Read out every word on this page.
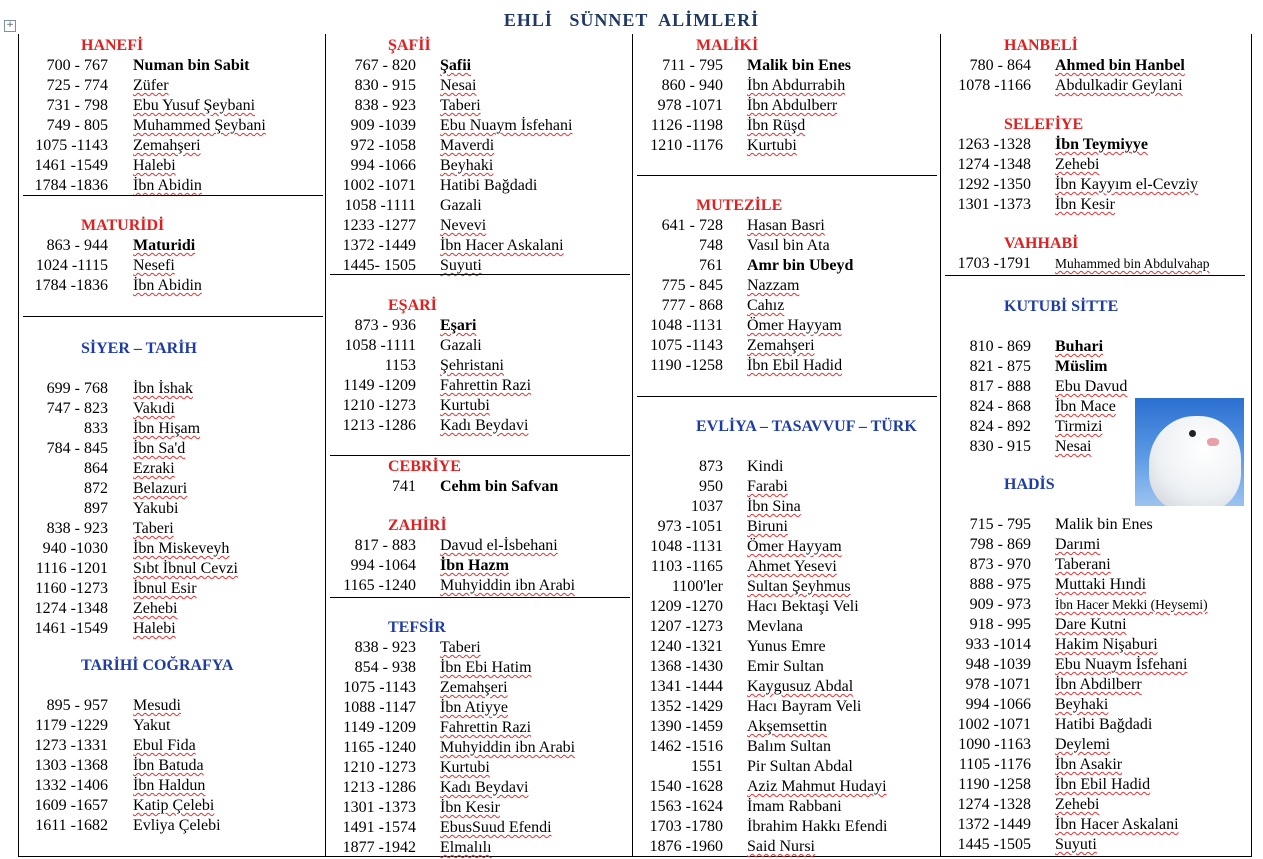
EHLİ   SÜNNET  ALİMLERİ
+
HANEFİ
700 - 767 Numan bin Sabit
725 - 774 Züfer
731 - 798 Ebu Yusuf Şeybani
749 - 805 Muhammed Şeybani
1075 -1143 Zemahşeri
1461 -1549 Halebi
1784 -1836 İbn Abidin
MATURİDİ
863 - 944 Maturidi
1024 -1115 Nesefi
1784 -1836 İbn Abidin
SİYER – TARİH
699 - 768 İbn İshak
747 - 823 Vakıdi
833 İbn Hişam
784 - 845 İbn Sa'd
864 Ezraki
872 Belazuri
897 Yakubi
838 - 923 Taberi
940 -1030 İbn Miskeveyh
1116 -1201 Sıbt İbnul Cevzi
1160 -1273 İbnul Esir
1274 -1348 Zehebi
1461 -1549 Halebi
TARİHİ COĞRAFYA
895 - 957 Mesudi
1179 -1229 Yakut
1273 -1331 Ebul Fida
1303 -1368 İbn Batuda
1332 -1406 İbn Haldun
1609 -1657 Katip Çelebi
1611 -1682 Evliya Çelebi
ŞAFİİ
767 - 820 Şafii
830 - 915 Nesai
838 - 923 Taberi
909 -1039 Ebu Nuaym İsfehani
972 -1058 Maverdi
994 -1066 Beyhaki
1002 -1071 Hatibi Bağdadi
1058 -1111 Gazali
1233 -1277 Nevevi
1372 -1449 İbn Hacer Askalani
1445- 1505 Suyuti
EŞARİ
873 - 936 Eşari
1058 -1111 Gazali
1153 Şehristani
1149 -1209 Fahrettin Razi
1210 -1273 Kurtubi
1213 -1286 Kadı Beydavi
CEBRİYE
741 Cehm bin Safvan
ZAHİRİ
817 - 883 Davud el-İsbehani
994 -1064 İbn Hazm
1165 -1240 Muhyiddin ibn Arabi
TEFSİR
838 - 923 Taberi
854 - 938 İbn Ebi Hatim
1075 -1143 Zemahşeri
1088 -1147 İbn Atiyye
1149 -1209 Fahrettin Razi
1165 -1240 Muhyiddin ibn Arabi
1210 -1273 Kurtubi
1213 -1286 Kadı Beydavi
1301 -1373 İbn Kesir
1491 -1574 EbusSuud Efendi
1877 -1942 Elmalılı
MALİKİ
711 - 795 Malik bin Enes
860 - 940 İbn Abdurrabih
978 -1071 İbn Abdulberr
1126 -1198 İbn Rüşd
1210 -1176 Kurtubi
MUTEZİLE
641 - 728 Hasan Basri
748 Vasıl bin Ata
761 Amr bin Ubeyd
775 - 845 Nazzam
777 - 868 Cahız
1048 -1131 Ömer Hayyam
1075 -1143 Zemahşeri
1190 -1258 İbn Ebil Hadid
EVLİYA – TASAVVUF – TÜRK
873 Kindi
950 Farabi
1037 İbn Sina
973 -1051 Biruni
1048 -1131 Ömer Hayyam
1103 -1165 Ahmet Yesevi
1100'ler Sultan Şeyhmus
1209 -1270 Hacı Bektaşi Veli
1207 -1273 Mevlana
1240 -1321 Yunus Emre
1368 -1430 Emir Sultan
1341 -1444 Kaygusuz Abdal
1352 -1429 Hacı Bayram Veli
1390 -1459 Akşemsettin
1462 -1516 Balım Sultan
1551 Pir Sultan Abdal
1540 -1628 Aziz Mahmut Hudayi
1563 -1624 İmam Rabbani
1703 -1780 İbrahim Hakkı Efendi
1876 -1960 Said Nursi
HANBELİ
780 - 864 Ahmed bin Hanbel
1078 -1166 Abdulkadir Geylani
SELEFİYE
1263 -1328 İbn Teymiyye
1274 -1348 Zehebi
1292 -1350 İbn Kayyım el-Cevziy
1301 -1373 İbn Kesir
VAHHABİ
1703 -1791 Muhammed bin Abdulvahap
KUTUBİ SİTTE
810 - 869 Buhari
821 - 875 Müslim
817 - 888 Ebu Davud
824 - 868 İbn Mace
824 - 892 Tirmizi
830 - 915 Nesai
HADİS
715 - 795 Malik bin Enes
798 - 869 Darımi
873 - 970 Taberani
888 - 975 Muttaki Hındi
909 - 973 İbn Hacer Mekki (Heysemi)
918 - 995 Dare Kutni
933 -1014 Hakim Nişaburi
948 -1039 Ebu Nuaym İsfehani
978 -1071 İbn Abdilberr
994 -1066 Beyhaki
1002 -1071 Hatibi Bağdadi
1090 -1163 Deylemi
1105 -1176 İbn Asakir
1190 -1258 İbn Ebil Hadid
1274 -1328 Zehebi
1372 -1449 İbn Hacer Askalani
1445 -1505 Suyuti
